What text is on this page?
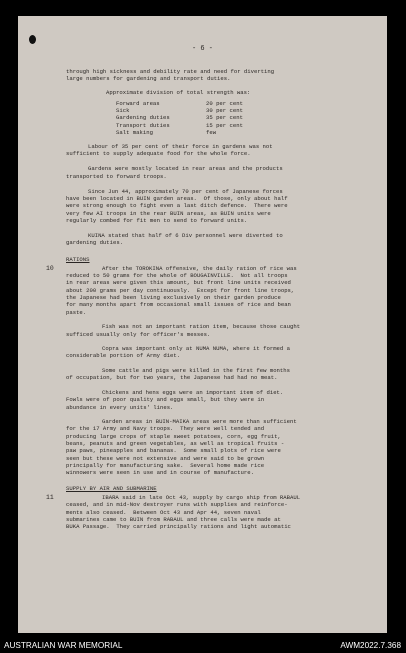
- 6 -
through high sickness and debility rate and need for diverting
large numbers for gardening and transport duties.
Approximate division of total strength was:
Forward areas	20 per cent
Sick	30 per cent
Gardening duties	35 per cent
Transport duties	15 per cent
Salt making	few
Labour of 35 per cent of their force in gardens was not
sufficient to supply adequate food for the whole force.
Gardens were mostly located in rear areas and the products
transported to forward troops.
Since Jun 44, approximately 70 per cent of Japanese forces
have been located in BUIN garden areas.  Of those, only about half
were strong enough to fight even a last ditch defence.  There were
very few AI troops in the rear BUIN areas, as BUIN units were
regularly combed for fit men to send to forward units.
KUINA stated that half of 6 Div personnel were diverted to
gardening duties.
RATIONS
After the TOROKINA offensive, the daily ration of rice was
reduced to 50 grams for the whole of BOUGAINVILLE.  Not all troops
in rear areas were given this amount, but front line units received
about 200 grams per day continuously.  Except for front line troops,
the Japanese had been living exclusively on their garden produce
for many months apart from occasional small issues of rice and bean
paste.
10
Fish was not an important ration item, because those caught
sufficed usually only for officer's messes.
Copra was important only at NUMA NUMA, where it formed a
considerable portion of Army diet.
Some cattle and pigs were killed in the first few months
of occupation, but for two years, the Japanese had had no meat.
Chickens and hens eggs were an important item of diet.
Fowls were of poor quality and eggs small, but they were in
abundance in every units' lines.
Garden areas in BUIN-MAIKA areas were more than sufficient
for the 17 Army and Navy troops.  They were well tended and
producing large crops of staple sweet potatoes, corn, egg fruit,
beans, peanuts and green vegetables, as well as tropical fruits -
paw paws, pineapples and bananas.  Some small plots of rice were
seen but these were not extensive and were said to be grown
principally for manufacturing sake.  Several home made rice
winnowers were seen in use and in course of manufacture.
SUPPLY BY AIR AND SUBMARINE
IBARA said in late Oct 43, supply by cargo ship from RABAUL
ceased, and in mid-Nov destroyer runs with supplies and reinforce-
ments also ceased.  Between Oct 43 and Apr 44, seven naval
submarines came to BUIN from RABAUL and three calls were made at
BUKA Passage.  They carried principally rations and light automatic
11
AUSTRALIAN WAR MEMORIAL	AWM2022.7.368
